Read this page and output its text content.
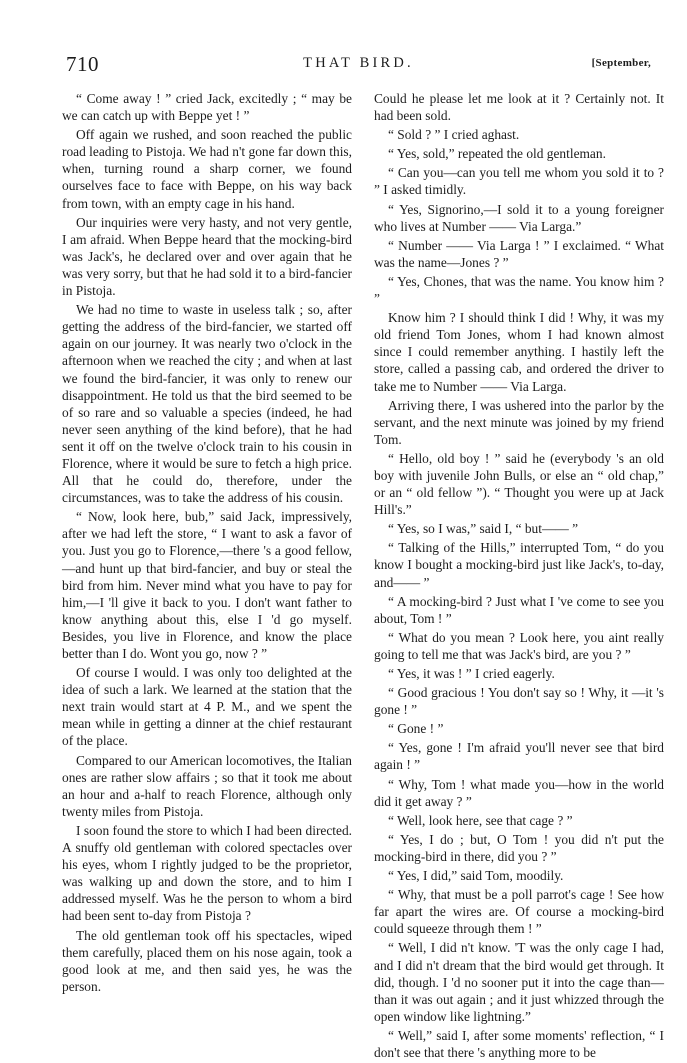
710	THAT BIRD.	[September,

“ Come away ! ” cried Jack, excitedly ; “ may be we can catch up with Beppe yet ! ”

Off again we rushed, and soon reached the public road leading to Pistoja. We had n't gone far down this, when, turning round a sharp corner, we found ourselves face to face with Beppe, on his way back from town, with an empty cage in his hand.

Our inquiries were very hasty, and not very gentle, I am afraid. When Beppe heard that the mocking-bird was Jack's, he declared over and over again that he was very sorry, but that he had sold it to a bird-fancier in Pistoja.

We had no time to waste in useless talk ; so, after getting the address of the bird-fancier, we started off again on our journey. It was nearly two o'clock in the afternoon when we reached the city ; and when at last we found the bird-fancier, it was only to renew our disappointment. He told us that the bird seemed to be of so rare and so valuable a species (indeed, he had never seen anything of the kind before), that he had sent it off on the twelve o'clock train to his cousin in Florence, where it would be sure to fetch a high price. All that he could do, therefore, under the circumstances, was to take the address of his cousin.

“ Now, look here, bub,” said Jack, impressively, after we had left the store, “ I want to ask a favor of you. Just you go to Florence,—there 's a good fellow,—and hunt up that bird-fancier, and buy or steal the bird from him. Never mind what you have to pay for him,—I 'll give it back to you. I don't want father to know anything about this, else I 'd go myself. Besides, you live in Florence, and know the place better than I do. Wont you go, now ? ”

Of course I would. I was only too delighted at the idea of such a lark. We learned at the station that the next train would start at 4 P. M., and we spent the mean while in getting a dinner at the chief restaurant of the place.

Compared to our American locomotives, the Italian ones are rather slow affairs ; so that it took me about an hour and a-half to reach Florence, although only twenty miles from Pistoja.

I soon found the store to which I had been directed. A snuffy old gentleman with colored spectacles over his eyes, whom I rightly judged to be the proprietor, was walking up and down the store, and to him I addressed myself. Was he the person to whom a bird had been sent to-day from Pistoja ?

The old gentleman took off his spectacles, wiped them carefully, placed them on his nose again, took a good look at me, and then said yes, he was the person.

Could he please let me look at it ? Certainly not. It had been sold.

“ Sold ? ” I cried aghast.

“ Yes, sold,” repeated the old gentleman.

“ Can you—can you tell me whom you sold it to ? ” I asked timidly.

“ Yes, Signorino,—I sold it to a young foreigner who lives at Number —— Via Larga.”

“ Number —— Via Larga ! ” I exclaimed. “ What was the name—Jones ? ”

“ Yes, Chones, that was the name. You know him ? ”

Know him ? I should think I did ! Why, it was my old friend Tom Jones, whom I had known almost since I could remember anything. I hastily left the store, called a passing cab, and ordered the driver to take me to Number —— Via Larga.

Arriving there, I was ushered into the parlor by the servant, and the next minute was joined by my friend Tom.

“ Hello, old boy ! ” said he (everybody 's an old boy with juvenile John Bulls, or else an “ old chap,” or an “ old fellow ”). “ Thought you were up at Jack Hill's.”

“ Yes, so I was,” said I, “ but—— ”

“ Talking of the Hills,” interrupted Tom, “ do you know I bought a mocking-bird just like Jack's, to-day, and—— ”

“ A mocking-bird ? Just what I 've come to see you about, Tom ! ”

“ What do you mean ? Look here, you aint really going to tell me that was Jack's bird, are you ? ”

“ Yes, it was ! ” I cried eagerly.

“ Good gracious ! You don't say so ! Why, it —it 's gone ! ”

“ Gone ! ”

“ Yes, gone ! I'm afraid you'll never see that bird again ! ”

“ Why, Tom ! what made you—how in the world did it get away ? ”

“ Well, look here, see that cage ? ”

“ Yes, I do ; but, O Tom ! you did n't put the mocking-bird in there, did you ? ”

“ Yes, I did,” said Tom, moodily.

“ Why, that must be a poll parrot's cage ! See how far apart the wires are. Of course a mocking-bird could squeeze through them ! ”

“ Well, I did n't know. 'T was the only cage I had, and I did n't dream that the bird would get through. It did, though. I 'd no sooner put it into the cage than—than it was out again ; and it just whizzed through the open window like lightning.”

“ Well,” said I, after some moments' reflection, “ I don't see that there 's anything more to be
